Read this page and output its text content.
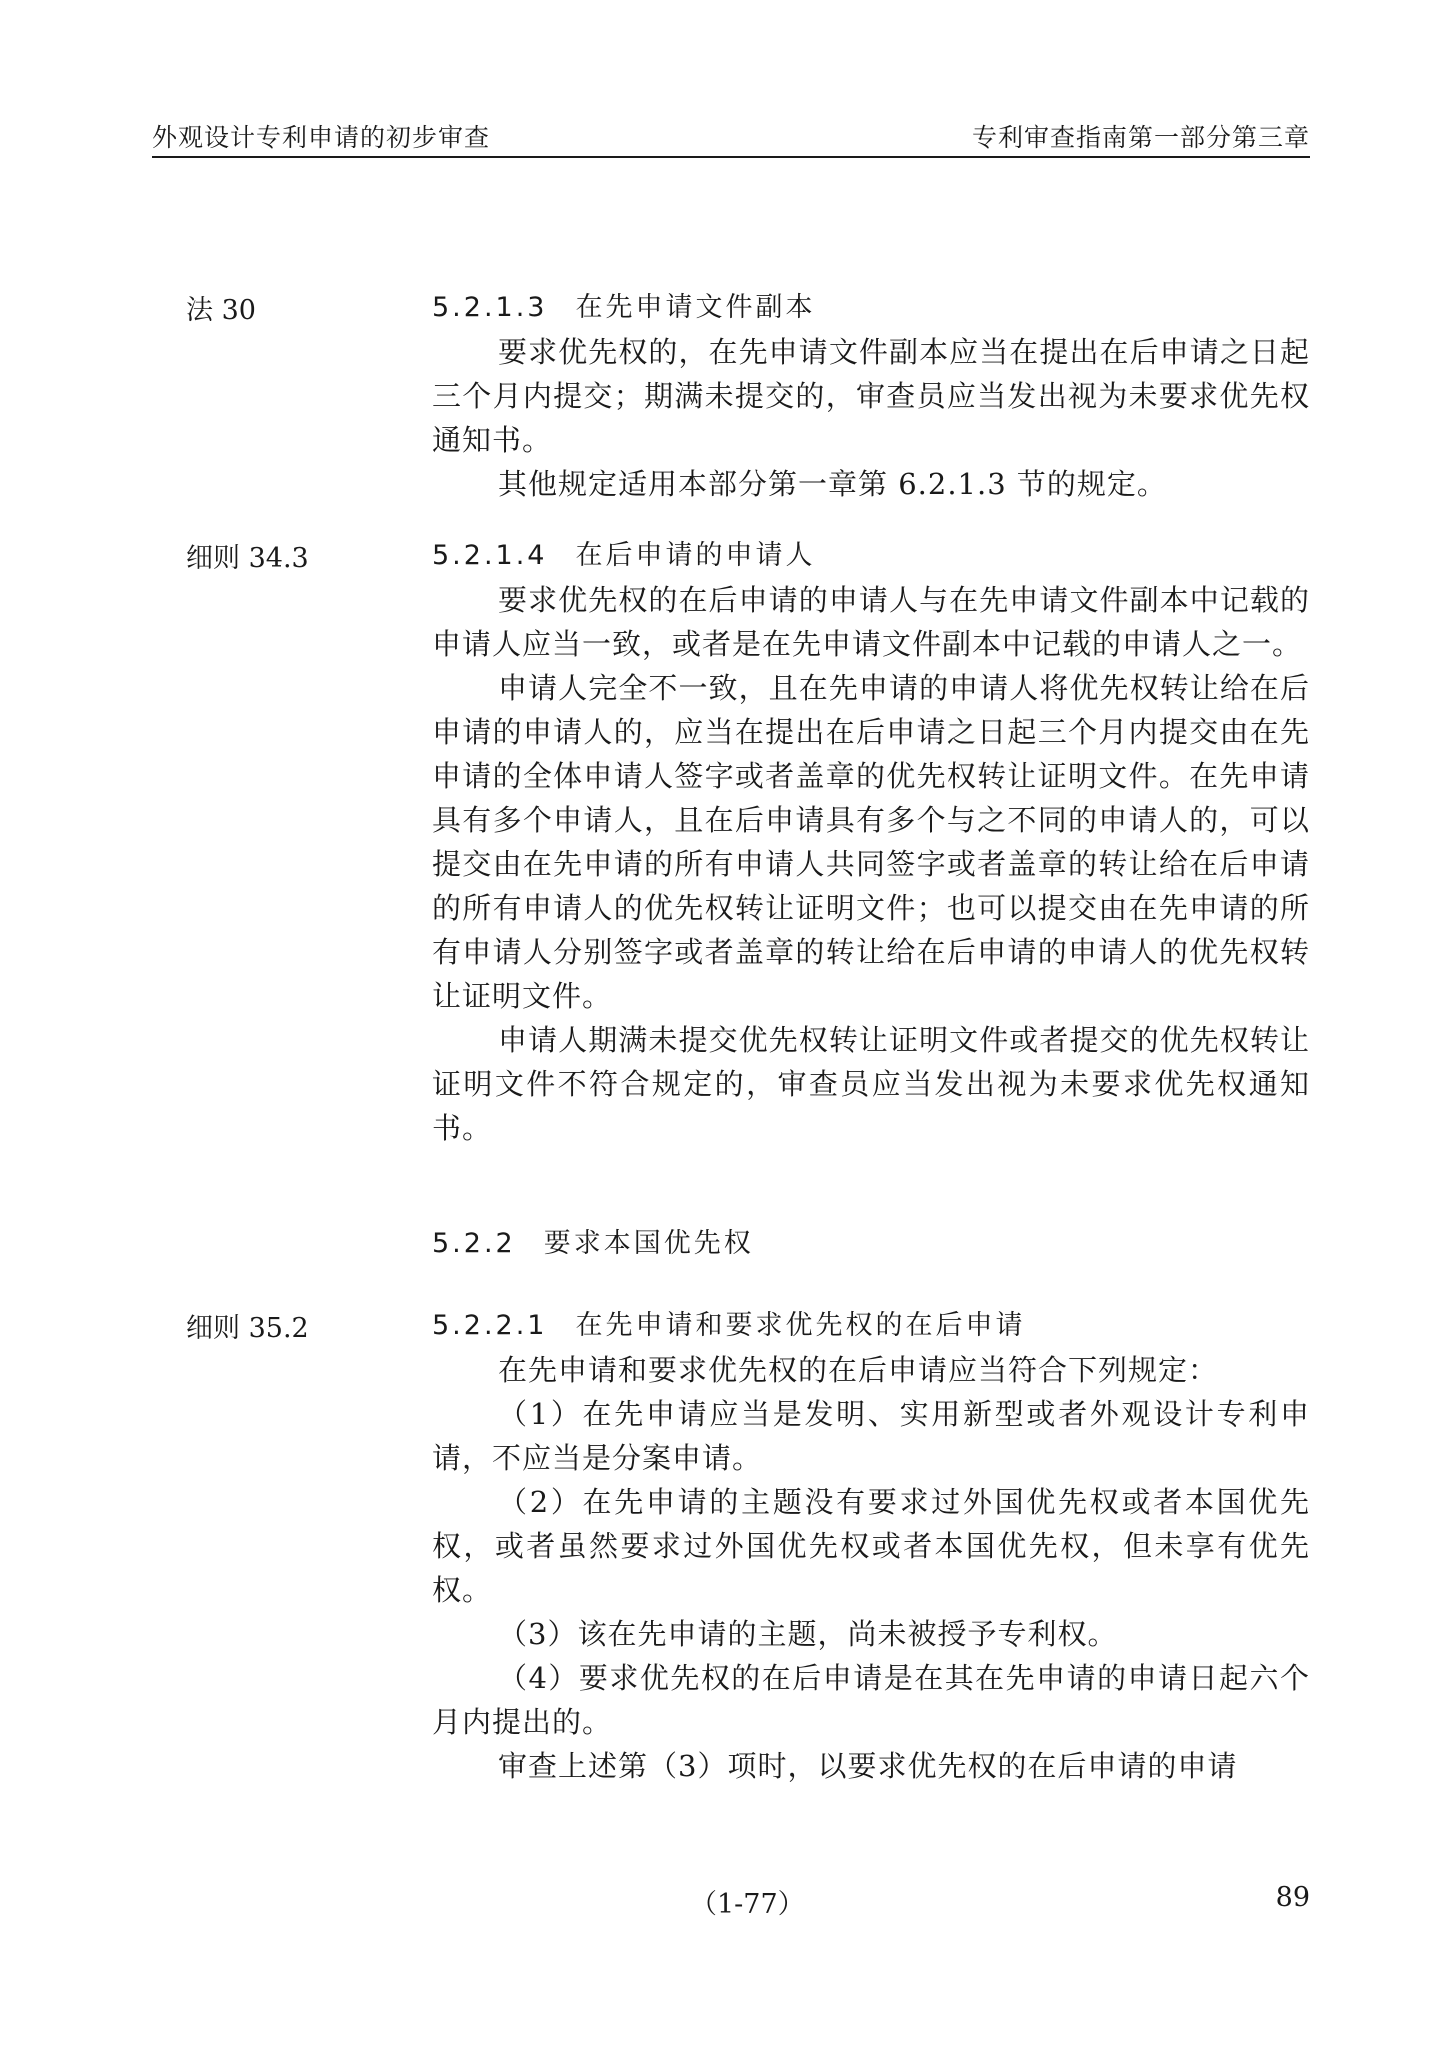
外观设计专利申请的初步审查	专利审查指南第一部分第三章
法 30
细则 34.3
细则 35.2
5.2.1.3 在先申请文件副本
要求优先权的，在先申请文件副本应当在提出在后申请之日起三个月内提交；期满未提交的，审查员应当发出视为未要求优先权通知书。
其他规定适用本部分第一章第 6.2.1.3 节的规定。
5.2.1.4 在后申请的申请人
要求优先权的在后申请的申请人与在先申请文件副本中记载的申请人应当一致，或者是在先申请文件副本中记载的申请人之一。
申请人完全不一致，且在先申请的申请人将优先权转让给在后申请的申请人的，应当在提出在后申请之日起三个月内提交由在先申请的全体申请人签字或者盖章的优先权转让证明文件。在先申请具有多个申请人，且在后申请具有多个与之不同的申请人的，可以提交由在先申请的所有申请人共同签字或者盖章的转让给在后申请的所有申请人的优先权转让证明文件；也可以提交由在先申请的所有申请人分别签字或者盖章的转让给在后申请的申请人的优先权转让证明文件。
申请人期满未提交优先权转让证明文件或者提交的优先权转让证明文件不符合规定的，审查员应当发出视为未要求优先权通知书。
5.2.2 要求本国优先权
5.2.2.1 在先申请和要求优先权的在后申请
在先申请和要求优先权的在后申请应当符合下列规定：
（1）在先申请应当是发明、实用新型或者外观设计专利申请，不应当是分案申请。
（2）在先申请的主题没有要求过外国优先权或者本国优先权，或者虽然要求过外国优先权或者本国优先权，但未享有优先权。
（3）该在先申请的主题，尚未被授予专利权。
（4）要求优先权的在后申请是在其在先申请的申请日起六个月内提出的。
审查上述第（3）项时，以要求优先权的在后申请的申请
（1-77）	89
